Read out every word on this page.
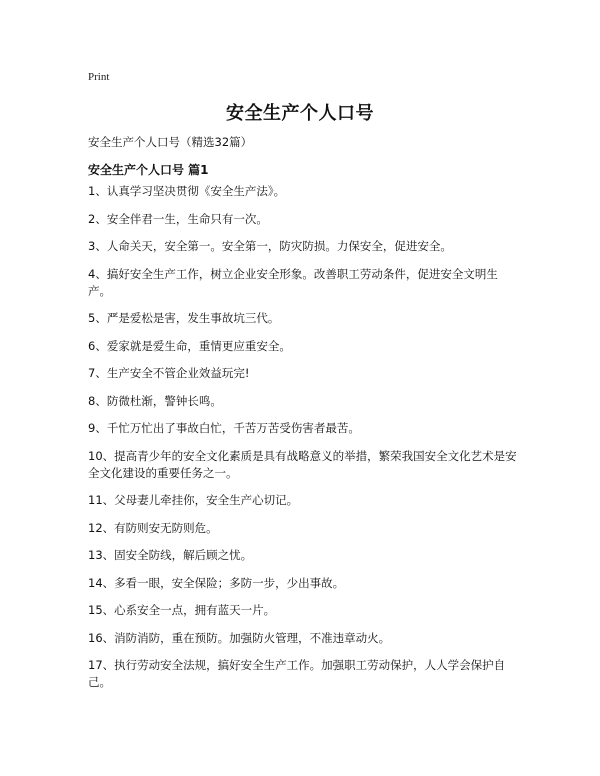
Print
安全生产个人口号
安全生产个人口号（精选32篇）
安全生产个人口号 篇1

1、认真学习坚决贯彻《安全生产法》。

2、安全伴君一生，生命只有一次。

3、人命关天，安全第一。安全第一，防灾防损。力保安全，促进安全。

4、搞好安全生产工作，树立企业安全形象。改善职工劳动条件，促进安全文明生产。

5、严是爱松是害，发生事故坑三代。

6、爱家就是爱生命，重情更应重安全。

7、生产安全不管企业效益玩完!

8、防微杜渐，警钟长鸣。

9、千忙万忙出了事故白忙，千苦万苦受伤害者最苦。

10、提高青少年的安全文化素质是具有战略意义的举措，繁荣我国安全文化艺术是安全文化建设的重要任务之一。

11、父母妻儿牵挂你，安全生产心切记。

12、有防则安无防则危。

13、固安全防线，解后顾之忧。

14、多看一眼，安全保险；多防一步，少出事故。

15、心系安全一点，拥有蓝天一片。

16、消防消防，重在预防。加强防火管理，不准违章动火。

17、执行劳动安全法规，搞好安全生产工作。加强职工劳动保护，人人学会保护自己。
